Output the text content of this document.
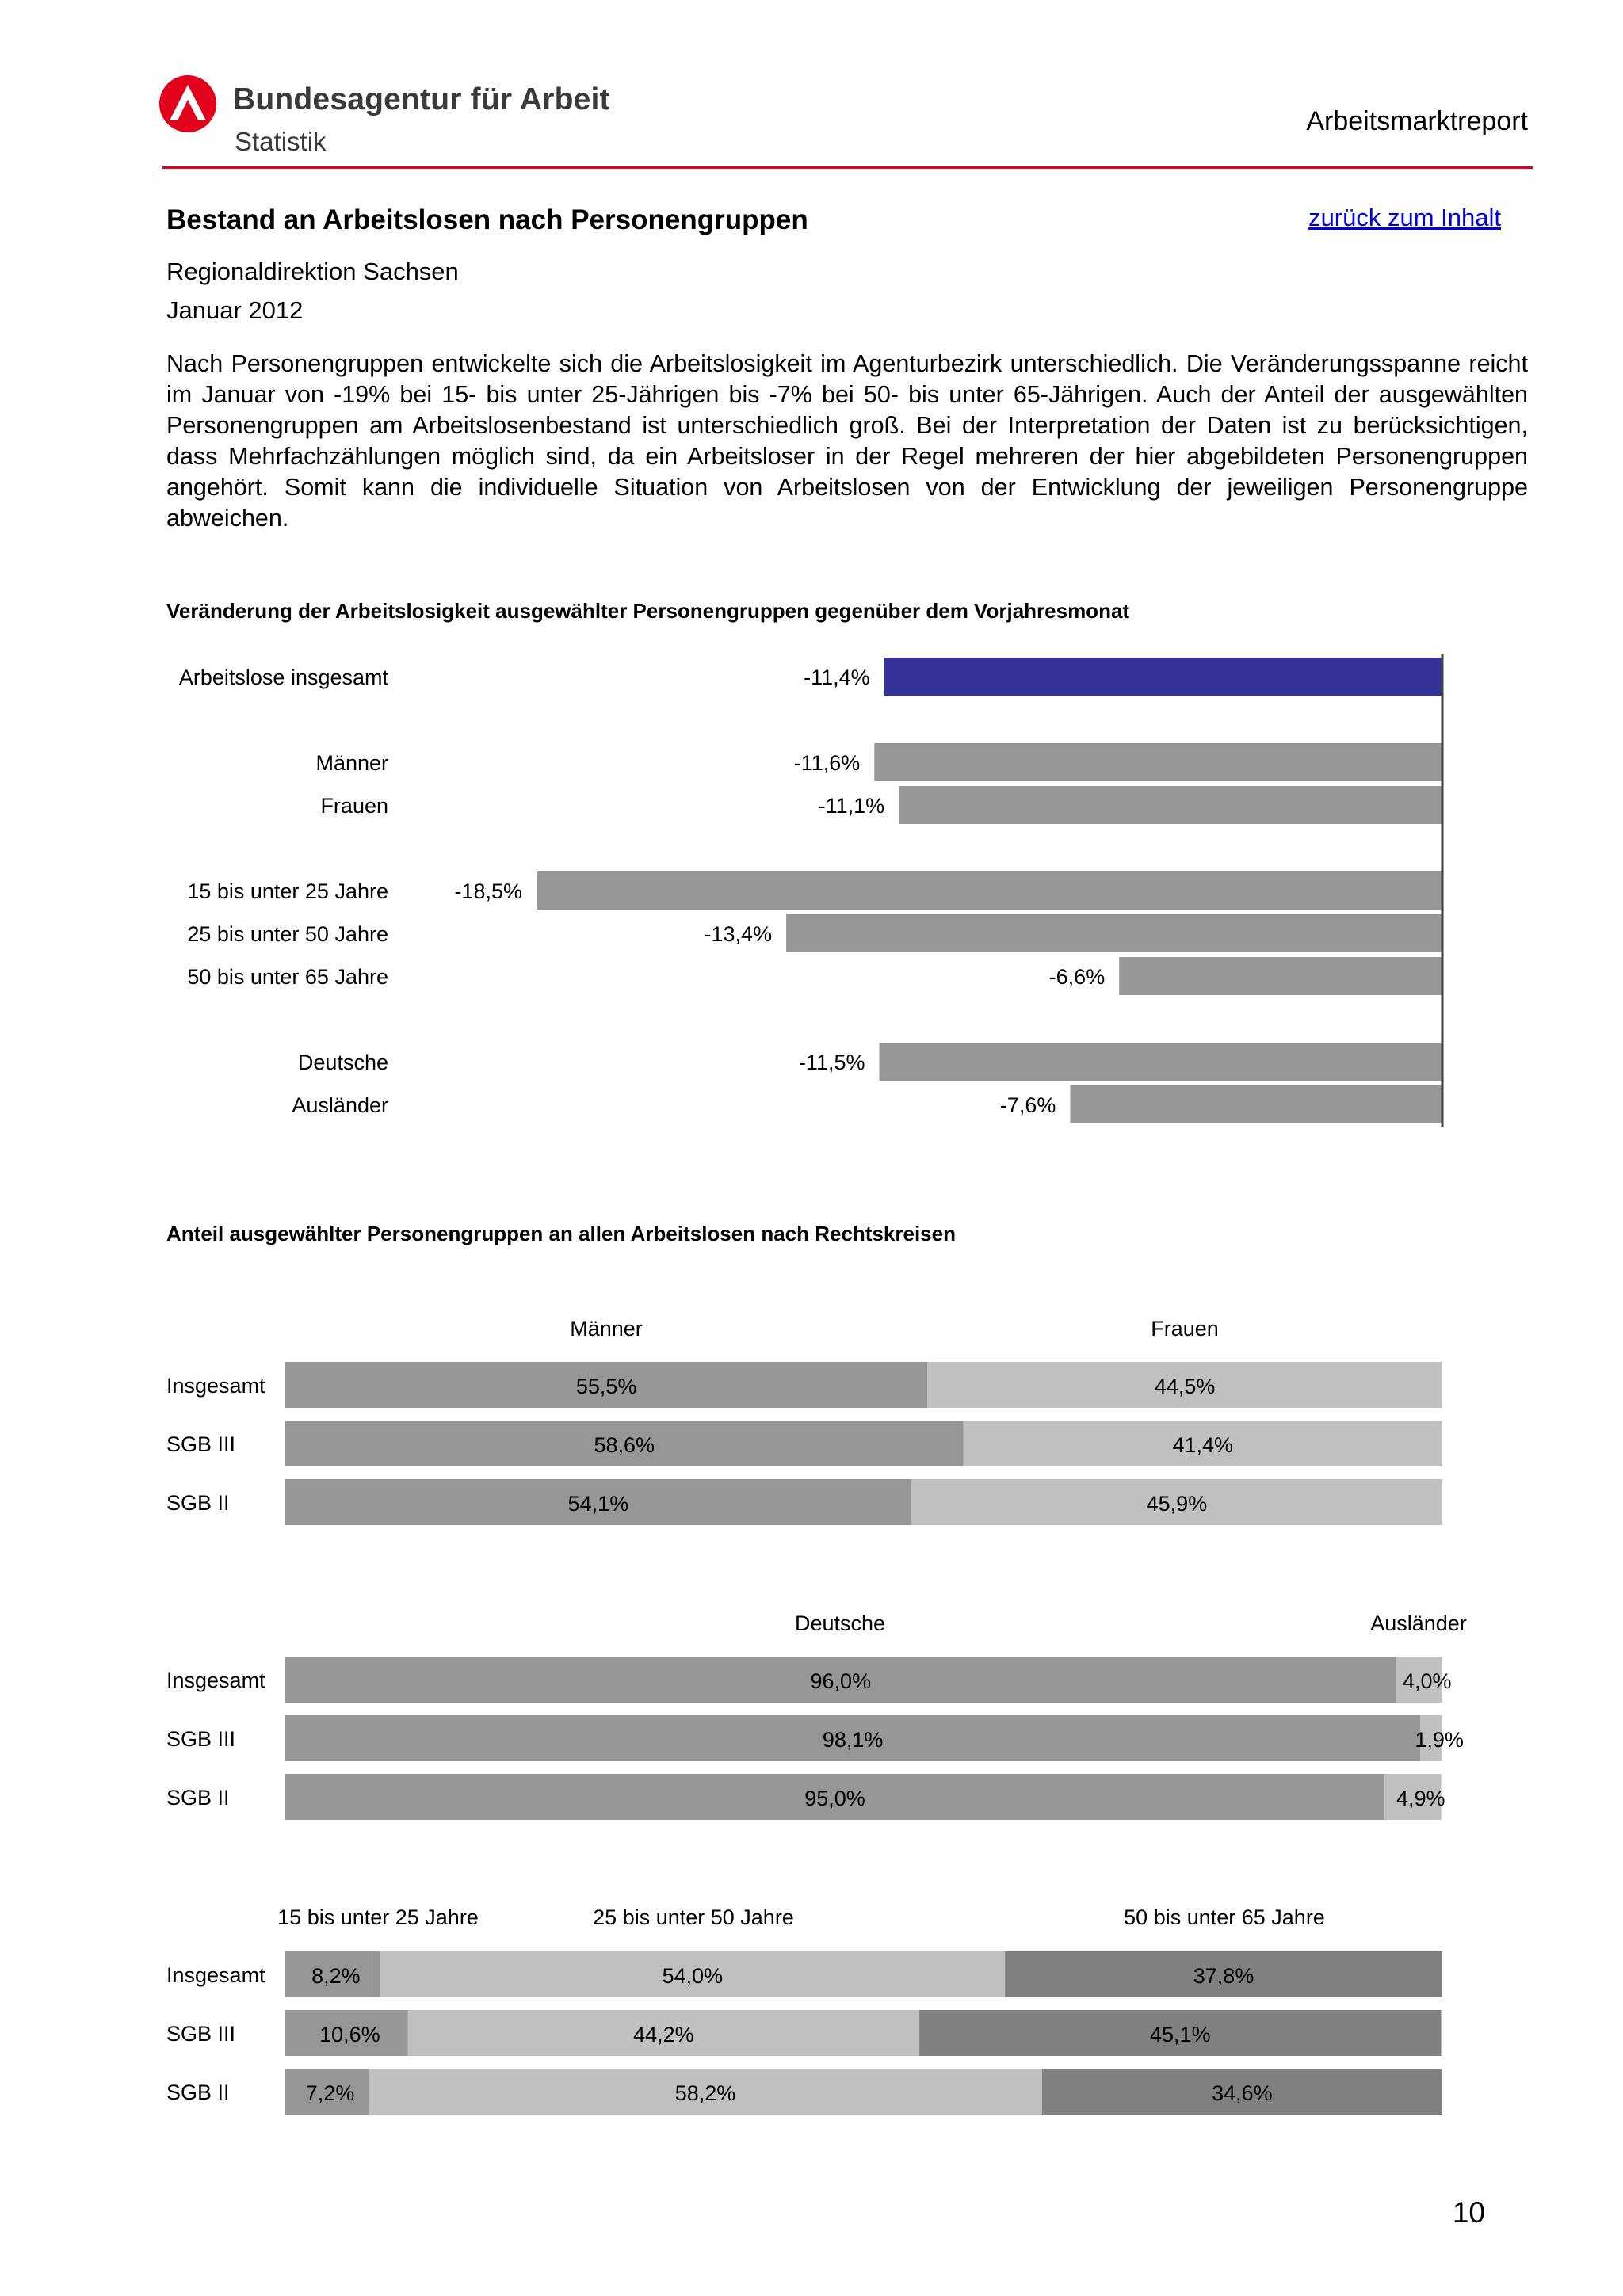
Bundesagentur für Arbeit
Statistik
Arbeitsmarktreport
Bestand an Arbeitslosen nach Personengruppen	zurück zum Inhalt
Regionaldirektion Sachsen
Januar 2012
Nach Personengruppen entwickelte sich die Arbeitslosigkeit im Agenturbezirk unterschiedlich. Die Veränderungsspanne reicht im Januar von -19% bei 15- bis unter 25-Jährigen bis -7% bei 50- bis unter 65-Jährigen. Auch der Anteil der ausgewählten Personengruppen am Arbeitslosenbestand ist unterschiedlich groß. Bei der Interpretation der Daten ist zu berücksichtigen, dass Mehrfachzählungen möglich sind, da ein Arbeitsloser in der Regel mehreren der hier abgebildeten Personengruppen angehört. Somit kann die individuelle Situation von Arbeitslosen von der Entwicklung der jeweiligen Personengruppe abweichen.
Veränderung der Arbeitslosigkeit ausgewählter Personengruppen gegenüber dem Vorjahresmonat
Arbeitslose insgesamt	-11,4%
Männer	-11,6%
Frauen	-11,1%
15 bis unter 25 Jahre	-18,5%
25 bis unter 50 Jahre	-13,4%
50 bis unter 65 Jahre	-6,6%
Deutsche	-11,5%
Ausländer	-7,6%
Anteil ausgewählter Personengruppen an allen Arbeitslosen nach Rechtskreisen
Männer	Frauen
Insgesamt	55,5%	44,5%
SGB III	58,6%	41,4%
SGB II	54,1%	45,9%
Deutsche	Ausländer
Insgesamt	96,0%	4,0%
SGB III	98,1%	1,9%
SGB II	95,0%	4,9%
15 bis unter 25 Jahre	25 bis unter 50 Jahre	50 bis unter 65 Jahre
Insgesamt 8,2%	54,0%	37,8%
SGB III	10,6%	44,2%	45,1%
SGB II	7,2%	58,2%	34,6%
10
